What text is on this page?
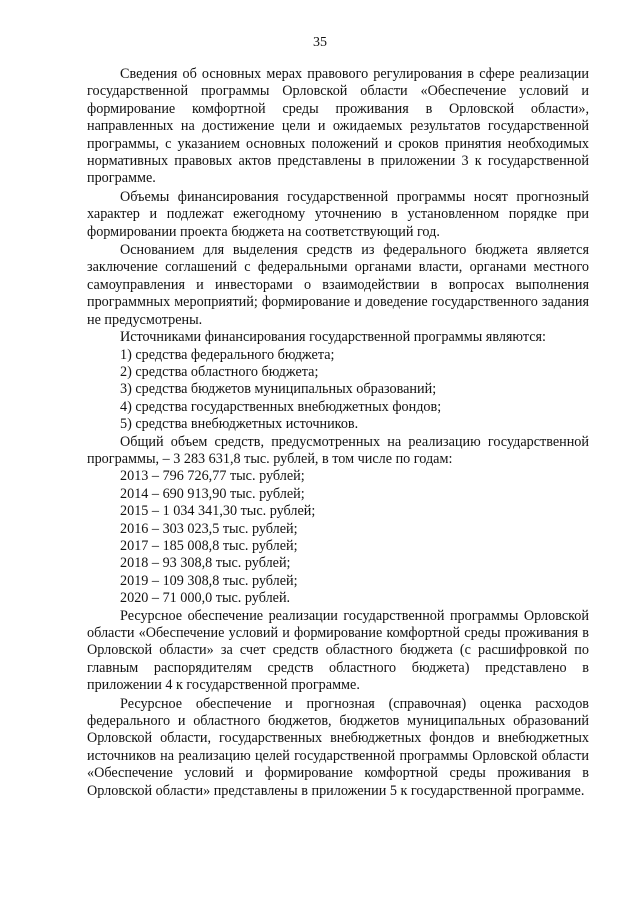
35

Сведения об основных мерах правового регулирования в сфере реализации государственной программы Орловской области «Обеспечение условий и формирование комфортной среды проживания в Орловской области», направленных на достижение цели и ожидаемых результатов государственной программы, с указанием основных положений и сроков принятия необходимых нормативных правовых актов представлены в приложении 3 к государственной программе.

Объемы финансирования государственной программы носят прогнозный характер и подлежат ежегодному уточнению в установленном порядке при формировании проекта бюджета на соответствующий год.

Основанием для выделения средств из федерального бюджета является заключение соглашений с федеральными органами власти, органами местного самоуправления и инвесторами о взаимодействии в вопросах выполнения программных мероприятий; формирование и доведение государственного задания не предусмотрены.

Источниками финансирования государственной программы являются:

1) средства федерального бюджета;

2) средства областного бюджета;

3) средства бюджетов муниципальных образований;

4) средства государственных внебюджетных фондов;

5) средства внебюджетных источников.

Общий объем средств, предусмотренных на реализацию государственной программы, – 3 283 631,8 тыс. рублей, в том числе по годам:

2013 – 796 726,77 тыс. рублей;

2014 – 690 913,90 тыс. рублей;

2015 – 1 034 341,30 тыс. рублей;

2016 – 303 023,5 тыс. рублей;

2017 – 185 008,8 тыс. рублей;

2018 – 93 308,8 тыс. рублей;

2019 – 109 308,8 тыс. рублей;

2020 – 71 000,0 тыс. рублей.

Ресурсное обеспечение реализации государственной программы Орловской области «Обеспечение условий и формирование комфортной среды проживания в Орловской области» за счет средств областного бюджета (с расшифровкой по главным распорядителям средств областного бюджета) представлено в приложении 4 к государственной программе.

Ресурсное обеспечение и прогнозная (справочная) оценка расходов федерального и областного бюджетов, бюджетов муниципальных образований Орловской области, государственных внебюджетных фондов и внебюджетных источников на реализацию целей государственной программы Орловской области «Обеспечение условий и формирование комфортной среды проживания в Орловской области» представлены в приложении 5 к государственной программе.
